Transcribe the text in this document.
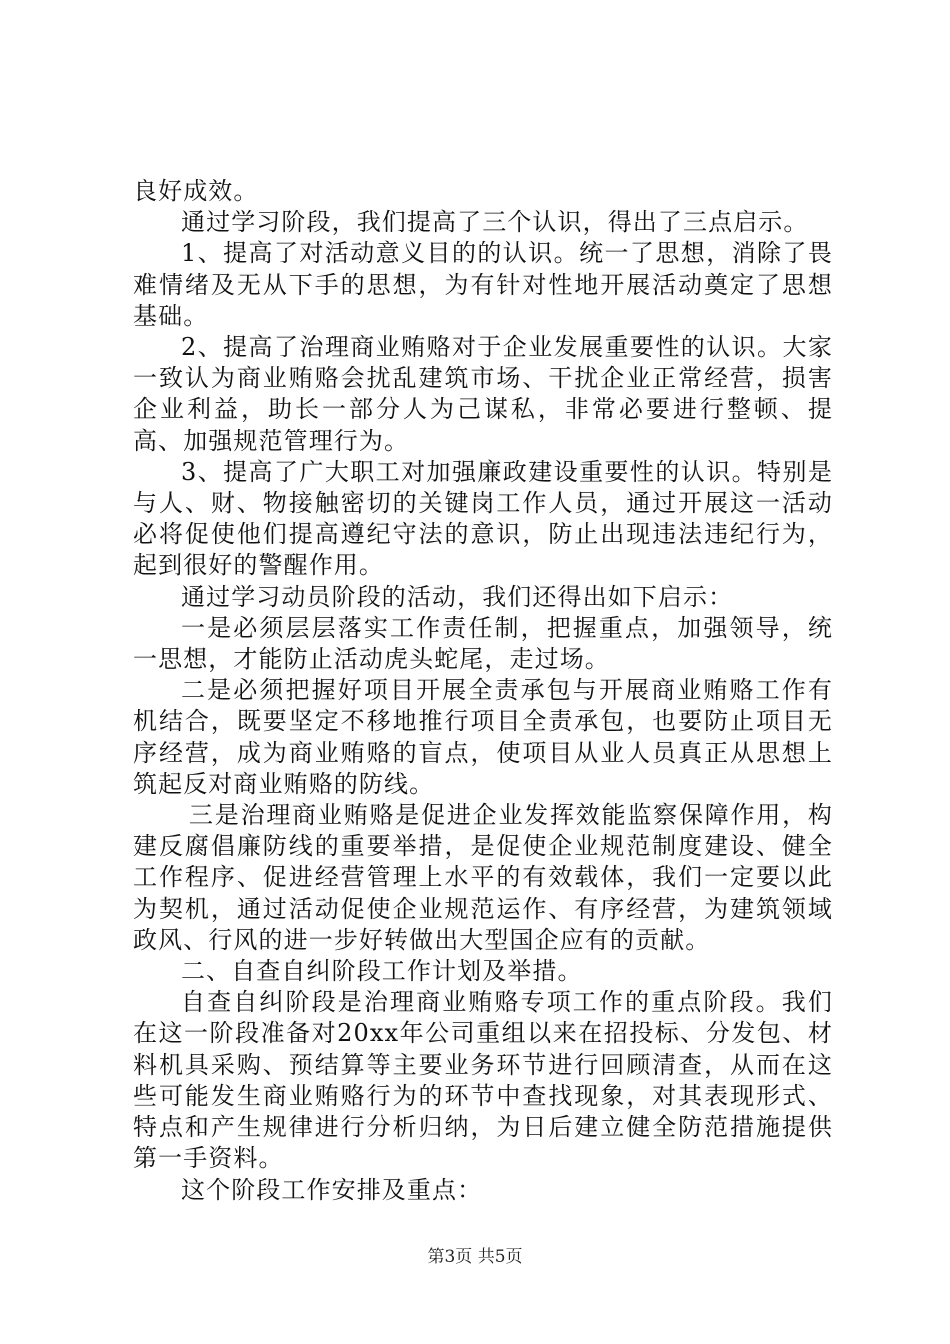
良好成效。

通过学习阶段，我们提高了三个认识，得出了三点启示。

1、提高了对活动意义目的的认识。统一了思想，消除了畏难情绪及无从下手的思想，为有针对性地开展活动奠定了思想基础。

2、提高了治理商业贿赂对于企业发展重要性的认识。大家一致认为商业贿赂会扰乱建筑市场、干扰企业正常经营，损害企业利益，助长一部分人为己谋私，非常必要进行整顿、提高、加强规范管理行为。

3、提高了广大职工对加强廉政建设重要性的认识。特别是与人、财、物接触密切的关键岗工作人员，通过开展这一活动必将促使他们提高遵纪守法的意识，防止出现违法违纪行为，起到很好的警醒作用。

通过学习动员阶段的活动，我们还得出如下启示：

一是必须层层落实工作责任制，把握重点，加强领导，统一思想，才能防止活动虎头蛇尾，走过场。

二是必须把握好项目开展全责承包与开展商业贿赂工作有机结合，既要坚定不移地推行项目全责承包，也要防止项目无序经营，成为商业贿赂的盲点，使项目从业人员真正从思想上筑起反对商业贿赂的防线。

三是治理商业贿赂是促进企业发挥效能监察保障作用，构建反腐倡廉防线的重要举措，是促使企业规范制度建设、健全工作程序、促进经营管理上水平的有效载体，我们一定要以此为契机，通过活动促使企业规范运作、有序经营，为建筑领域政风、行风的进一步好转做出大型国企应有的贡献。

二、自查自纠阶段工作计划及举措。

自查自纠阶段是治理商业贿赂专项工作的重点阶段。我们在这一阶段准备对20xx年公司重组以来在招投标、分发包、材料机具采购、预结算等主要业务环节进行回顾清查，从而在这些可能发生商业贿赂行为的环节中查找现象，对其表现形式、特点和产生规律进行分析归纳，为日后建立健全防范措施提供第一手资料。

这个阶段工作安排及重点：

第3页 共5页
